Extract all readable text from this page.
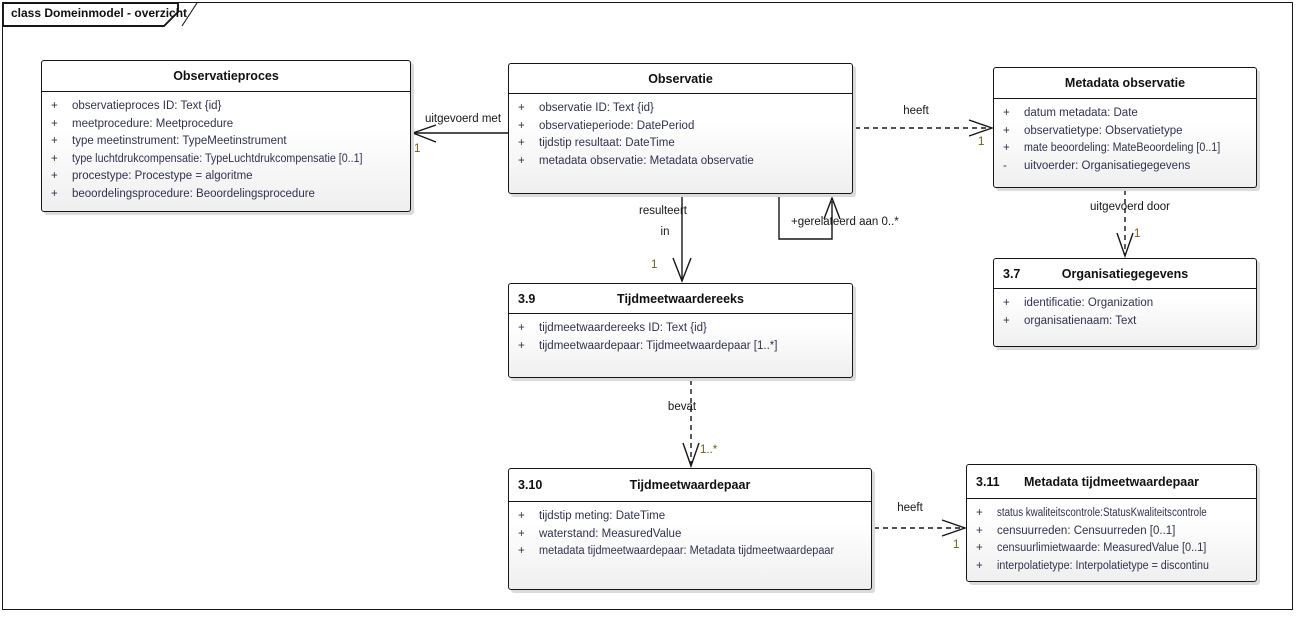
class Domeinmodel - overzicht
Observatieproces
+	observatieproces ID: Text {id}
+	meetprocedure: Meetprocedure
+	type meetinstrument: TypeMeetinstrument
+	type luchtdrukcompensatie: TypeLuchtdrukcompensatie [0..1]
+	procestype: Procestype = algoritme
+	beoordelingsprocedure: Beoordelingsprocedure
Observatie
+	observatie ID: Text {id}
+	observatieperiode: DatePeriod
+	tijdstip resultaat: DateTime
+	metadata observatie: Metadata observatie
Metadata observatie
+	datum metadata: Date
+	observatietype: Observatietype
+	mate beoordeling: MateBeoordeling [0..1]
-	uitvoerder: Organisatiegegevens
3.7	Organisatiegegevens
+	identificatie: Organization
+	organisatienaam: Text
3.9	Tijdmeetwaardereeks
+	tijdmeetwaardereeks ID: Text {id}
+	tijdmeetwaardepaar: Tijdmeetwaardepaar [1..*]
3.10	Tijdmeetwaardepaar
+	tijdstip meting: DateTime
+	waterstand: MeasuredValue
+	metadata tijdmeetwaardepaar: Metadata tijdmeetwaardepaar
3.11 Metadata tijdmeetwaardepaar
+	status kwaliteitscontrole:StatusKwaliteitscontrole
+	censuurreden: Censuurreden [0..1]
+	censuurlimietwaarde: MeasuredValue [0..1]
+	interpolatietype: Interpolatietype = discontinu
uitgevoerd met
1
heeft
1
resulteert
in
1
+gerelateerd aan 0..*
uitgevoerd door
1
bevat
1..*
heeft
1
